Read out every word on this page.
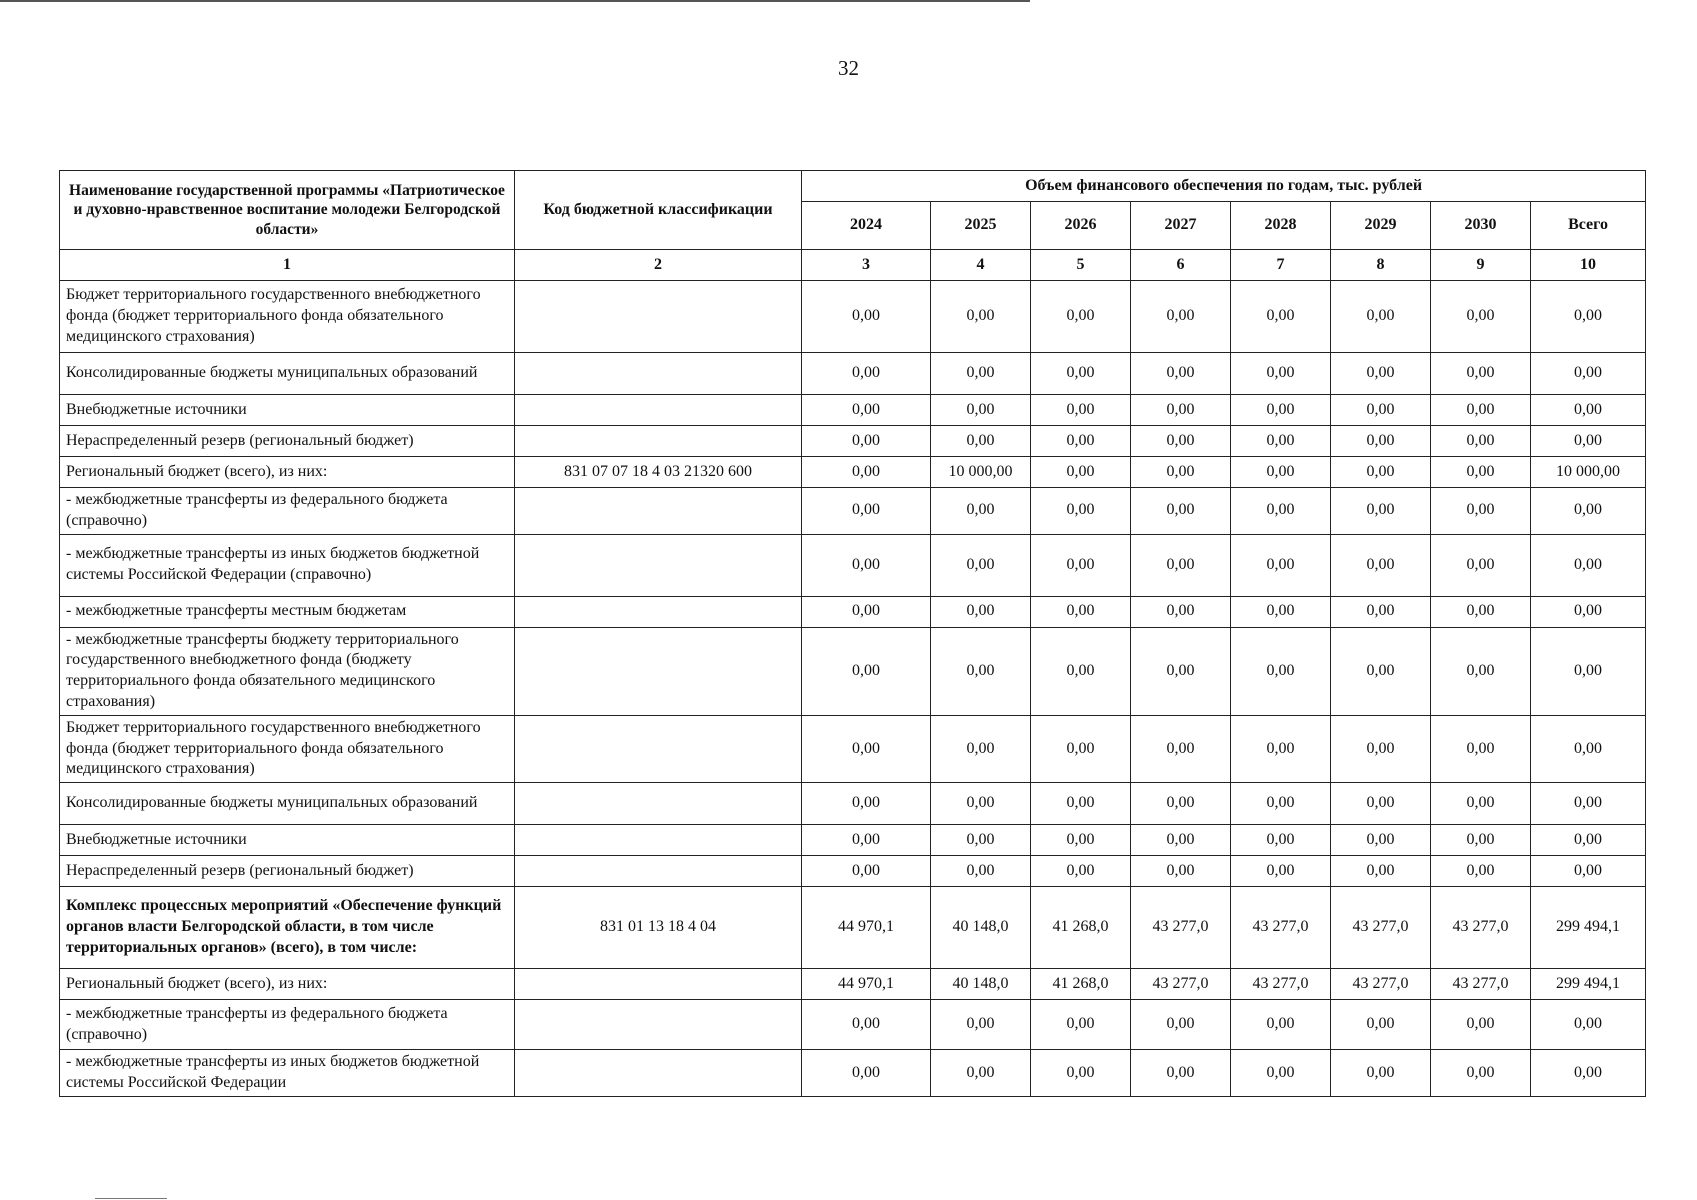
32
Наименование государственной программы «Патриотическое и духовно-нравственное воспитание молодежи Белгородской области»	Код бюджетной классификации	Объем финансового обеспечения по годам, тыс. рублей							
		2024	2025	2026	2027	2028	2029	2030	Всего
1	2	3	4	5	6	7	8	9	10
Бюджет территориального государственного внебюджетного фонда (бюджет территориального фонда обязательного медицинского страхования)		0,00	0,00	0,00	0,00	0,00	0,00	0,00	0,00
Консолидированные бюджеты муниципальных образований		0,00	0,00	0,00	0,00	0,00	0,00	0,00	0,00
Внебюджетные источники		0,00	0,00	0,00	0,00	0,00	0,00	0,00	0,00
Нераспределенный резерв (региональный бюджет)		0,00	0,00	0,00	0,00	0,00	0,00	0,00	0,00
Региональный бюджет (всего), из них:	831 07 07 18 4 03 21320 600	0,00	10 000,00	0,00	0,00	0,00	0,00	0,00	10 000,00
- межбюджетные трансферты из федерального бюджета (справочно)		0,00	0,00	0,00	0,00	0,00	0,00	0,00	0,00
- межбюджетные трансферты из иных бюджетов бюджетной системы Российской Федерации (справочно)		0,00	0,00	0,00	0,00	0,00	0,00	0,00	0,00
- межбюджетные трансферты местным бюджетам		0,00	0,00	0,00	0,00	0,00	0,00	0,00	0,00
- межбюджетные трансферты бюджету территориального государственного внебюджетного фонда (бюджету территориального фонда обязательного медицинского страхования)		0,00	0,00	0,00	0,00	0,00	0,00	0,00	0,00
Бюджет территориального государственного внебюджетного фонда (бюджет территориального фонда обязательного медицинского страхования)		0,00	0,00	0,00	0,00	0,00	0,00	0,00	0,00
Консолидированные бюджеты муниципальных образований		0,00	0,00	0,00	0,00	0,00	0,00	0,00	0,00
Внебюджетные источники		0,00	0,00	0,00	0,00	0,00	0,00	0,00	0,00
Нераспределенный резерв (региональный бюджет)		0,00	0,00	0,00	0,00	0,00	0,00	0,00	0,00
Комплекс процессных мероприятий «Обеспечение функций органов власти Белгородской области, в том числе территориальных органов» (всего), в том числе:	831 01 13 18 4 04	44 970,1	40 148,0	41 268,0	43 277,0	43 277,0	43 277,0	43 277,0	299 494,1
Региональный бюджет (всего), из них:		44 970,1	40 148,0	41 268,0	43 277,0	43 277,0	43 277,0	43 277,0	299 494,1
- межбюджетные трансферты из федерального бюджета (справочно)		0,00	0,00	0,00	0,00	0,00	0,00	0,00	0,00
- межбюджетные трансферты из иных бюджетов бюджетной системы Российской Федерации		0,00	0,00	0,00	0,00	0,00	0,00	0,00	0,00
